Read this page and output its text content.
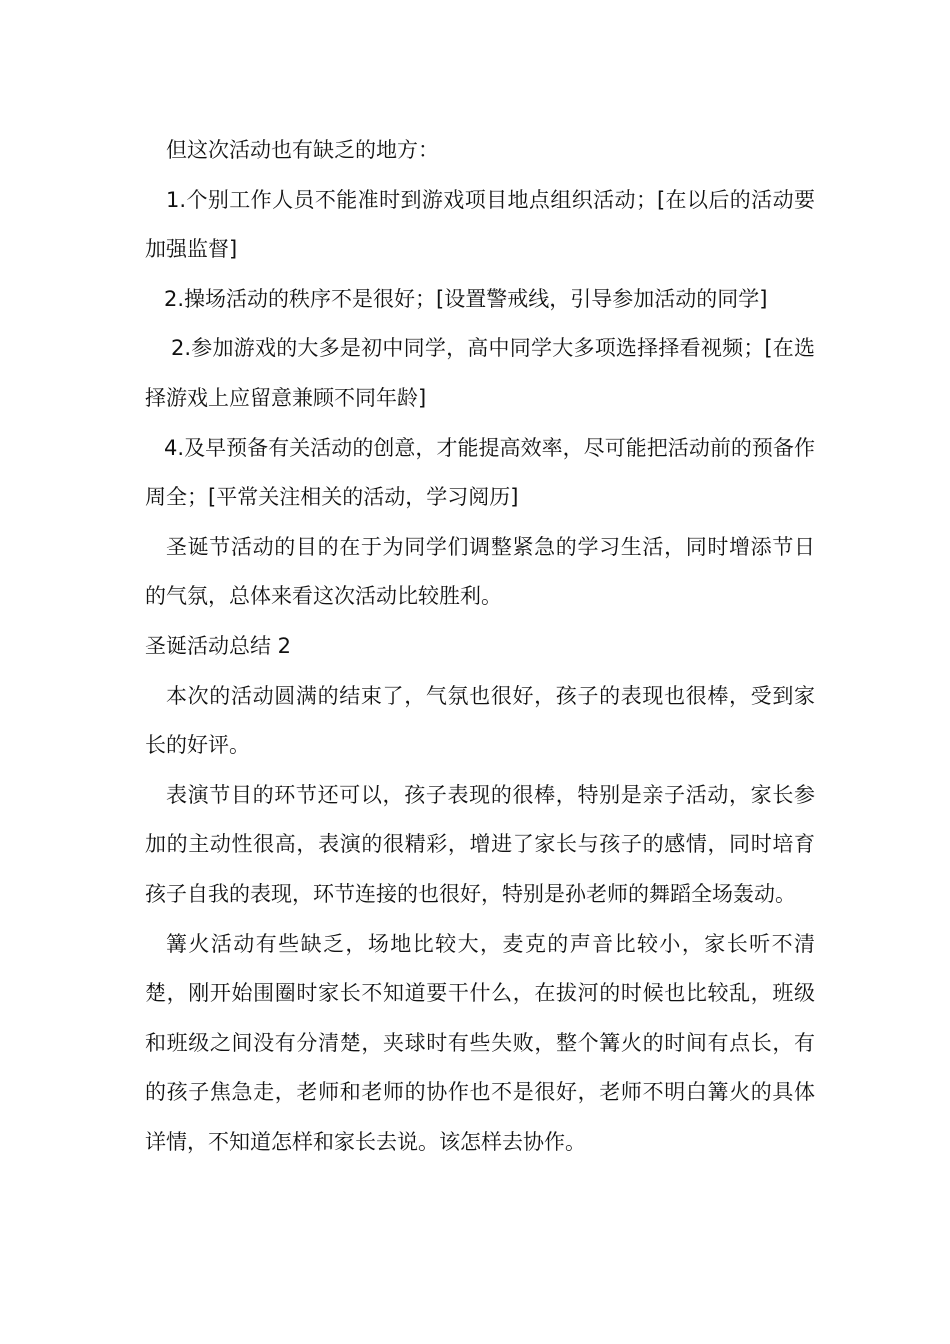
但这次活动也有缺乏的地方：

1.个别工作人员不能准时到游戏项目地点组织活动；[在以后的活动要加强监督]

2.操场活动的秩序不是很好；[设置警戒线，引导参加活动的同学]

2.参加游戏的大多是初中同学，高中同学大多项选择择看视频；[在选择游戏上应留意兼顾不同年龄]

4.及早预备有关活动的创意，才能提高效率，尽可能把活动前的预备作周全；[平常关注相关的活动，学习阅历]

圣诞节活动的目的在于为同学们调整紧急的学习生活，同时增添节日的气氛，总体来看这次活动比较胜利。

圣诞活动总结 2

本次的活动圆满的结束了，气氛也很好，孩子的表现也很棒，受到家长的好评。

表演节目的环节还可以，孩子表现的很棒，特别是亲子活动，家长参加的主动性很高，表演的很精彩，增进了家长与孩子的感情，同时培育孩子自我的表现，环节连接的也很好，特别是孙老师的舞蹈全场轰动。

篝火活动有些缺乏，场地比较大，麦克的声音比较小，家长听不清楚，刚开始围圈时家长不知道要干什么，在拔河的时候也比较乱，班级和班级之间没有分清楚，夹球时有些失败，整个篝火的时间有点长，有的孩子焦急走，老师和老师的协作也不是很好，老师不明白篝火的具体详情，不知道怎样和家长去说。该怎样去协作。
